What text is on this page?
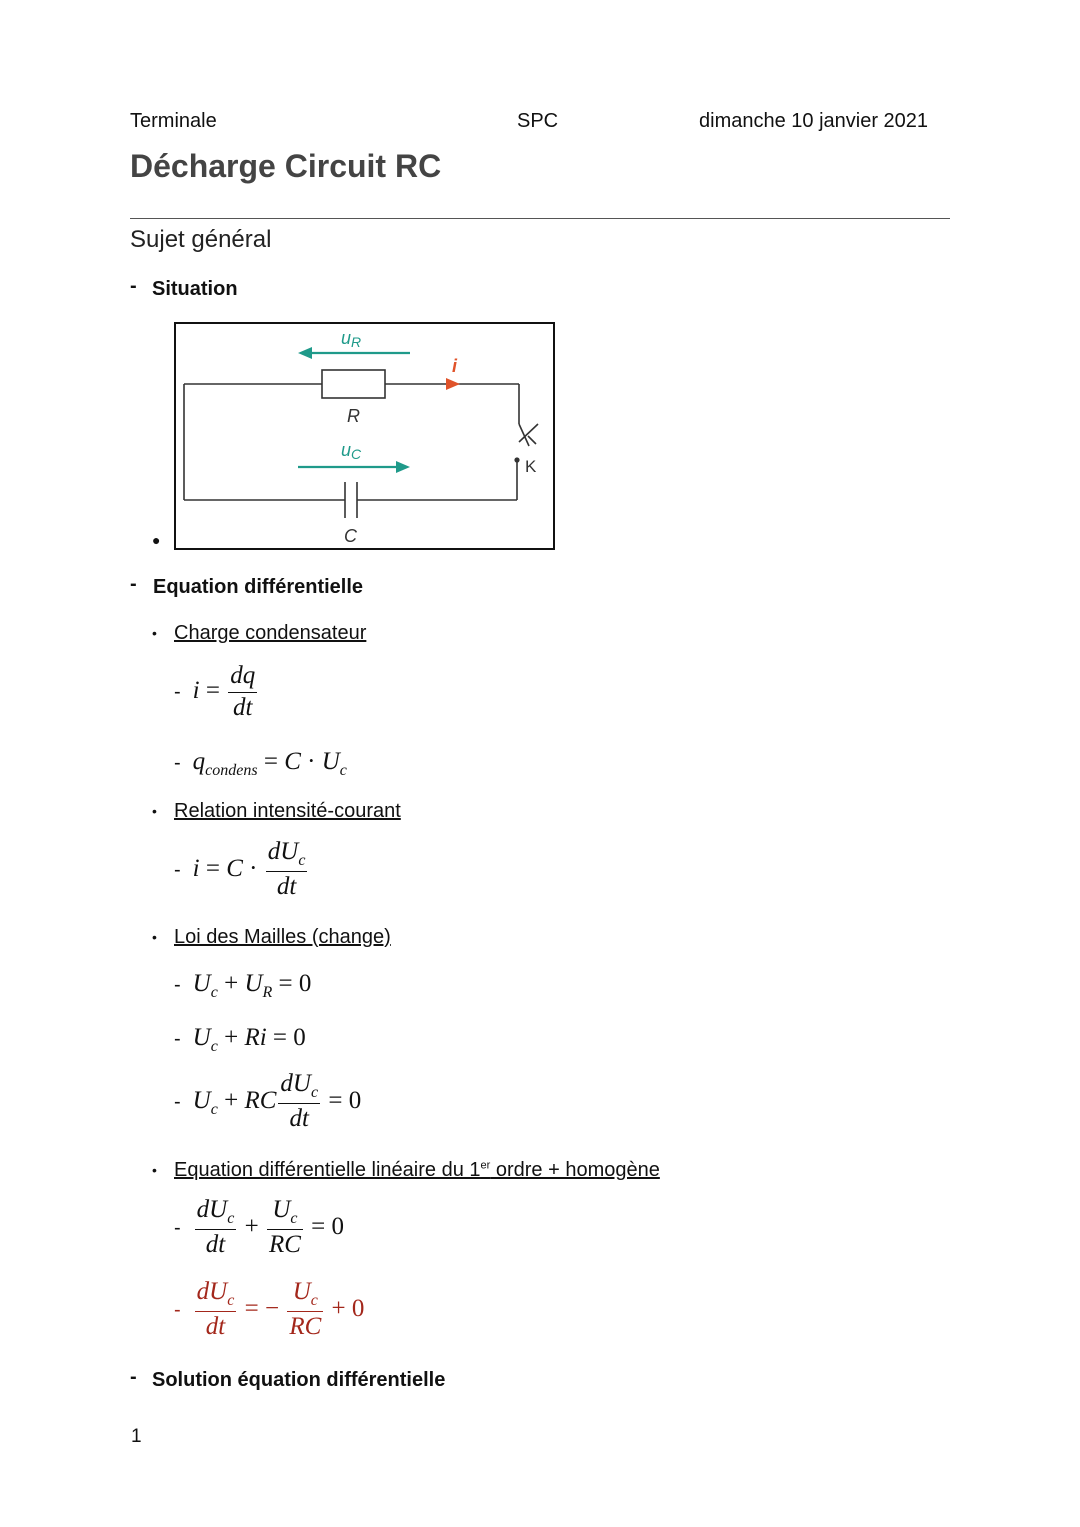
Terminale	SPC	dimanche 10 janvier 2021
Décharge Circuit RC
Sujet général
- Situation
●
uR
i
R
uC
C
K
- Equation différentielle
• Charge condensateur
- $i = \frac{dq}{dt}$
- $q_{condens} = C \cdot U_c$
• Relation intensité-courant
- $i = C \cdot \frac{dU_c}{dt}$
• Loi des Mailles (change)
- $U_c + U_R = 0$
- $U_c + Ri = 0$
- $U_c$ + RC $\frac{dU_c}{dt} = 0$
• Equation différentielle linéaire du 1er ordre + homogène
- $\frac{dU_c}{dt} + \frac{U_c}{RC} = 0$
- $\frac{dU_c}{dt}$ = − $\frac{U_c}{RC} + 0$
- Solution équation différentielle
1
